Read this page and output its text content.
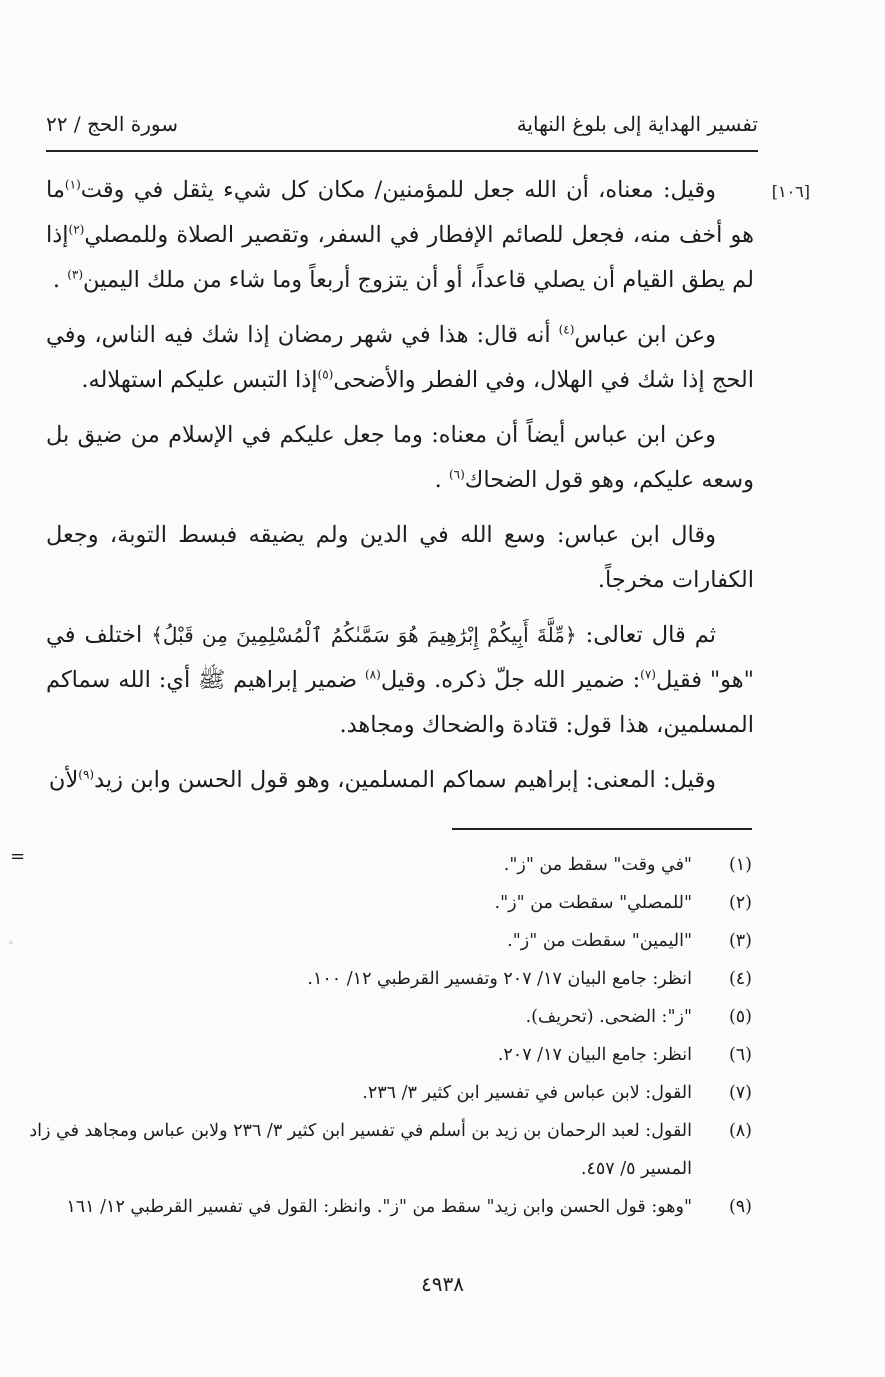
تفسير الهداية إلى بلوغ النهاية
سورة الحج / ٢٢
[١٠٦]

وقيل: معناه، أن الله جعل للمؤمنين/ مكان كل شيء يثقل في وقت$^{(١)}$ما هو أخف منه، فجعل للصائم الإفطار في السفر، وتقصير الصلاة وللمصلي$^{(٢)}$إذا لم يطق القيام أن يصلي قاعداً، أو أن يتزوج أربعاً وما شاء من ملك اليمين$^{(٣)}$ .

وعن ابن عباس$^{(٤)}$ أنه قال: هذا في شهر رمضان إذا شك فيه الناس، وفي الحج إذا شك في الهلال، وفي الفطر والأضحى$^{(٥)}$إذا التبس عليكم استهلاله.

وعن ابن عباس أيضاً أن معناه: وما جعل عليكم في الإسلام من ضيق بل وسعه عليكم، وهو قول الضحاك$^{(٦)}$ .

وقال ابن عباس: وسع الله في الدين ولم يضيقه فبسط التوبة، وجعل الكفارات مخرجاً.

ثم قال تعالى: ﴿مِّلَّةَ أَبِيكُمْ إِبْرَٰهِيمَ هُوَ سَمَّىٰكُمُ ٱلْمُسْلِمِينَ مِن قَبْلُ﴾ اختلف في "هو" فقيل$^{(٧)}$: ضمير الله جلّ ذكره. وقيل$^{(٨)}$ ضمير إبراهيم ﷺ أي: الله سماكم المسلمين، هذا قول: قتادة والضحاك ومجاهد.

وقيل: المعنى: إبراهيم سماكم المسلمين، وهو قول الحسن وابن زيد$^{(٩)}$لأن

=	(١)
"في وقت" سقط من "ز".
(٢)
"للمصلي" سقطت من "ز".
(٣)
"اليمين" سقطت من "ز".
(٤)
انظر: جامع البيان ١٧/ ٢٠٧ وتفسير القرطبي ١٢/ ١٠٠.
(٥)
"ز": الضحى. (تحريف).
(٦)
انظر: جامع البيان ١٧/ ٢٠٧.
(٧)
القول: لابن عباس في تفسير ابن كثير ٣/ ٢٣٦.
(٨)
القول: لعبد الرحمان بن زيد بن أسلم في تفسير ابن كثير ٣/ ٢٣٦ ولابن عباس ومجاهد في زاد المسير ٥/ ٤٥٧.
(٩)
"وهو: قول الحسن وابن زيد" سقط من "ز". وانظر: القول في تفسير القرطبي ١٢/ ١٦١
٤٩٣٨
◦
